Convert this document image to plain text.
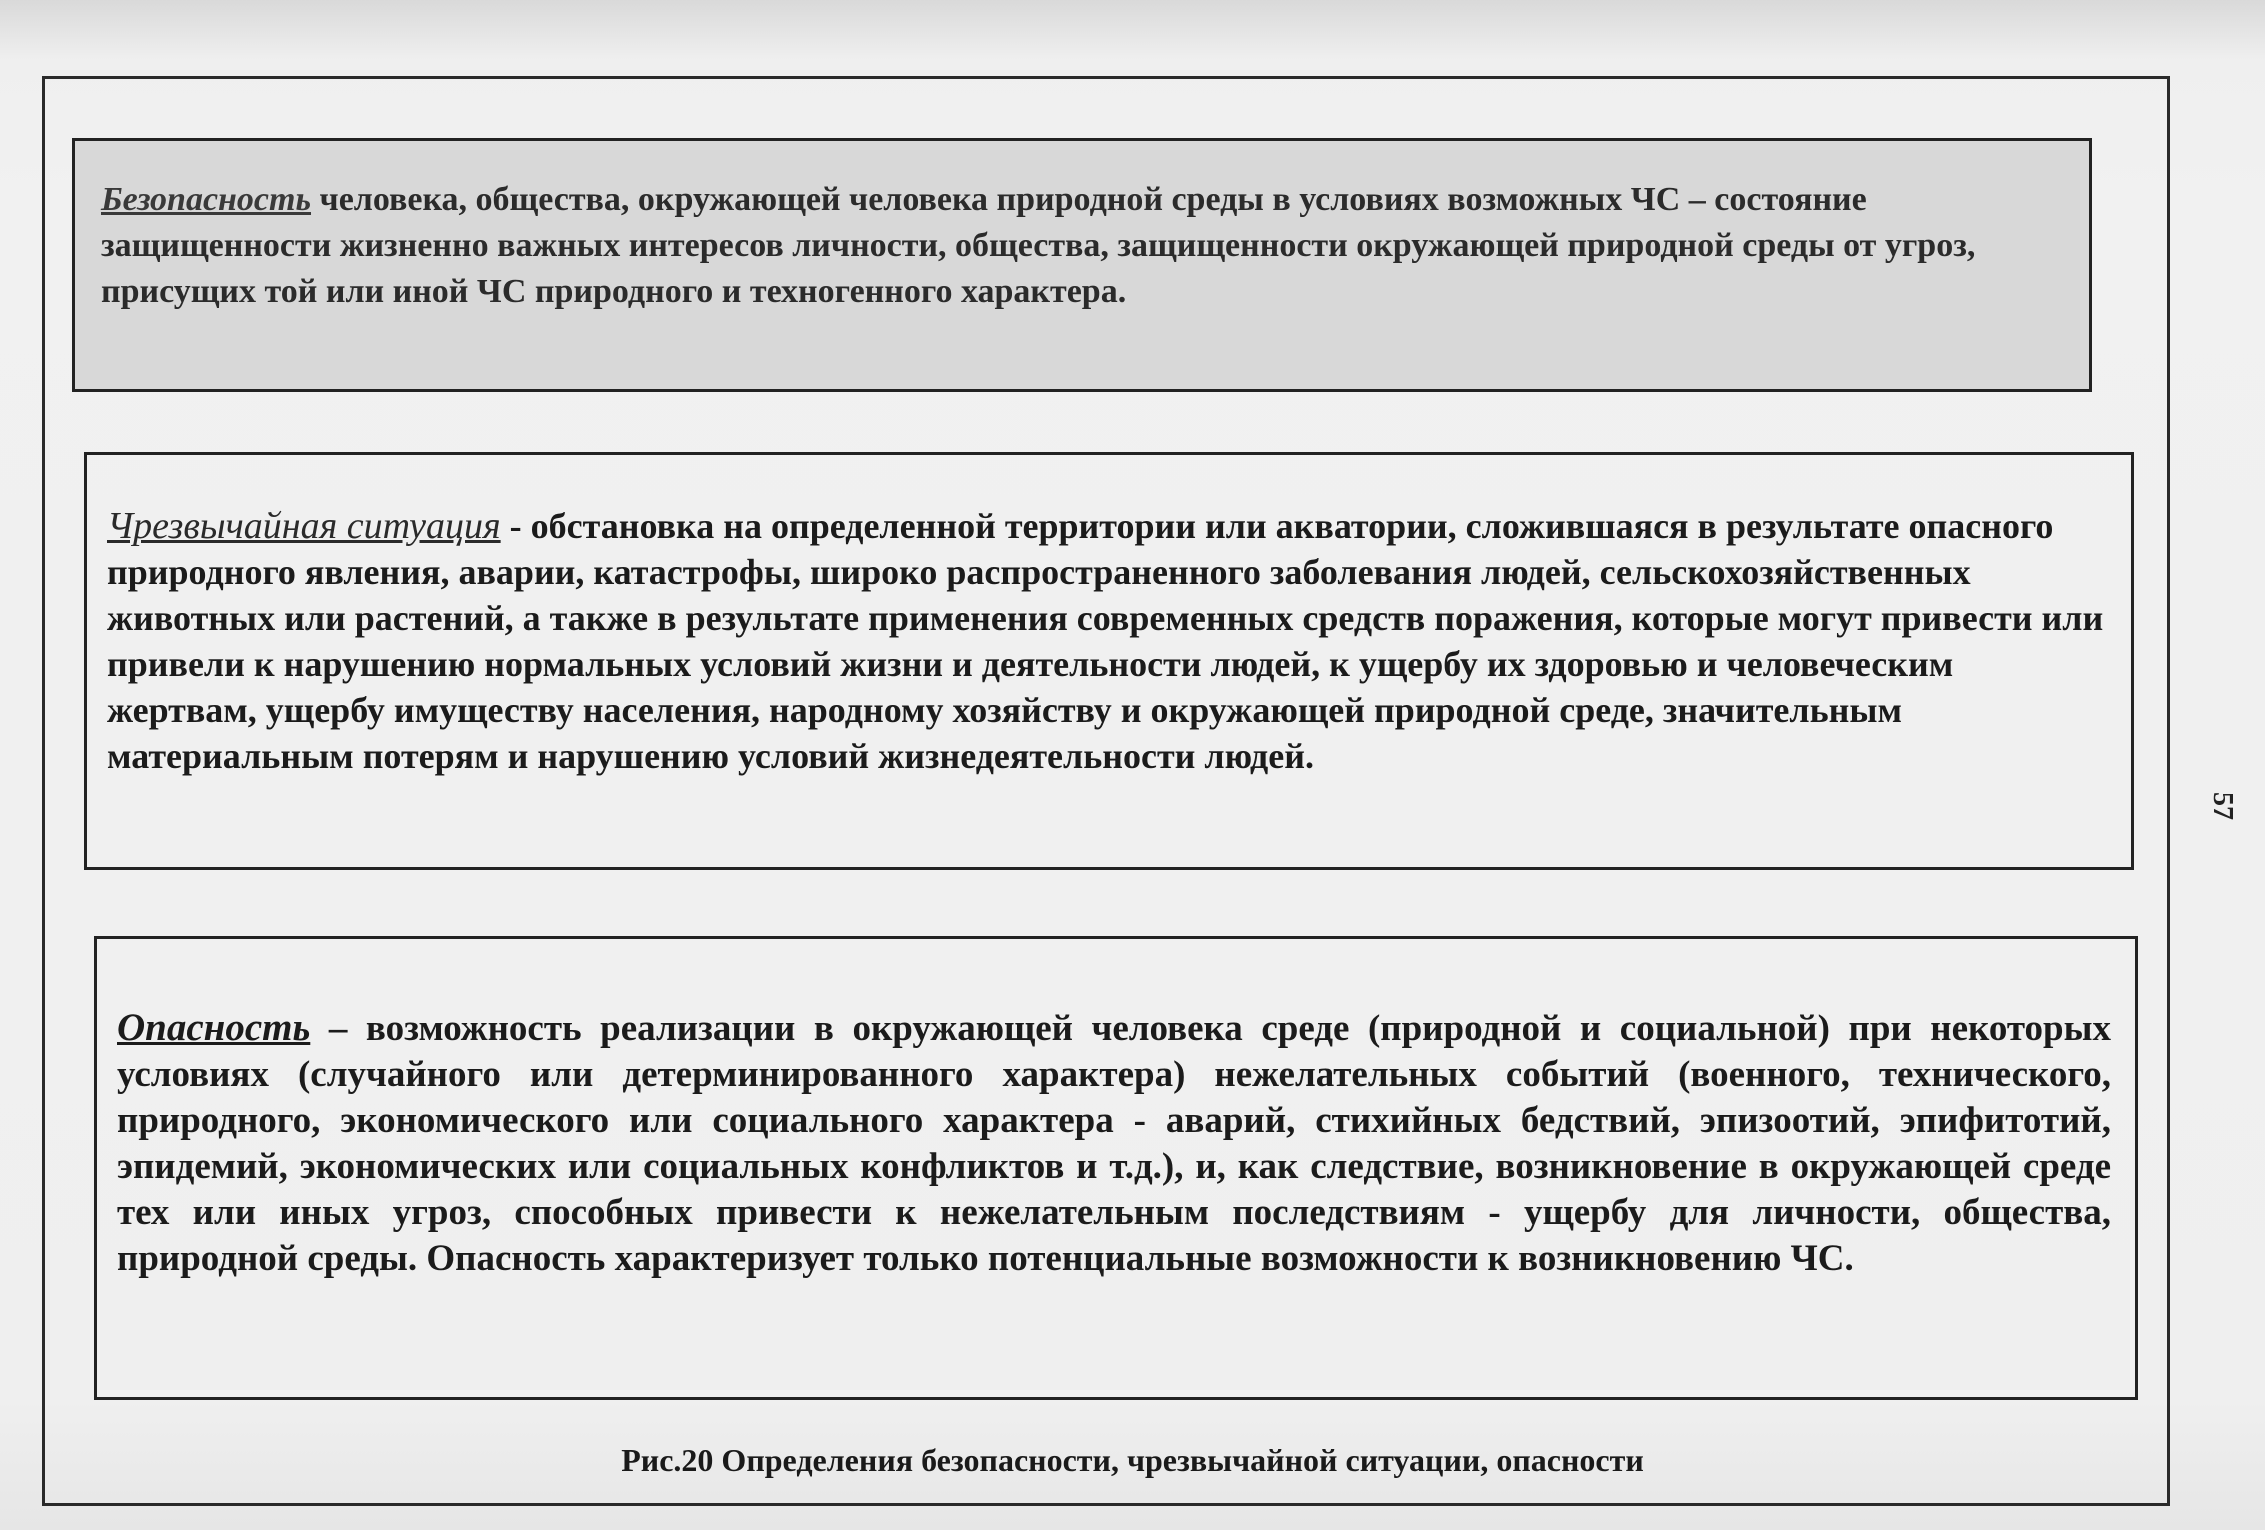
Безопасность человека, общества, окружающей человека природной среды в условиях возможных ЧС – состояние защищенности жизненно важных интересов личности, общества, защищенности окружающей природной среды от угроз, присущих той или иной ЧС природного и техногенного характера.

Чрезвычайная ситуация - обстановка на определенной территории или акватории, сложившаяся в результате опасного природного явления, аварии, катастрофы, широко распространенного заболевания людей, сельскохозяйственных животных или растений, а также в результате применения современных средств поражения, которые могут привести или привели к нарушению нормальных условий жизни и деятельности людей, к ущербу их здоровью и человеческим жертвам, ущербу имуществу населения, народному хозяйству и окружающей природной среде, значительным материальным потерям и нарушению условий жизнедеятельности людей.

Опасность – возможность реализации в окружающей человека среде (природной и социальной) при некоторых условиях (случайного или детерминированного характера) нежелательных событий (военного, технического, природного, экономического или социального характера - аварий, стихийных бедствий, эпизоотий, эпифитотий, эпидемий, экономических или социальных конфликтов и т.д.), и, как следствие, возникновение в окружающей среде тех или иных угроз, способных привести к нежелательным последствиям - ущербу для личности, общества, природной среды. Опасность характеризует только потенциальные возможности к возникновению ЧС.

Рис.20 Определения безопасности, чрезвычайной ситуации, опасности
57
